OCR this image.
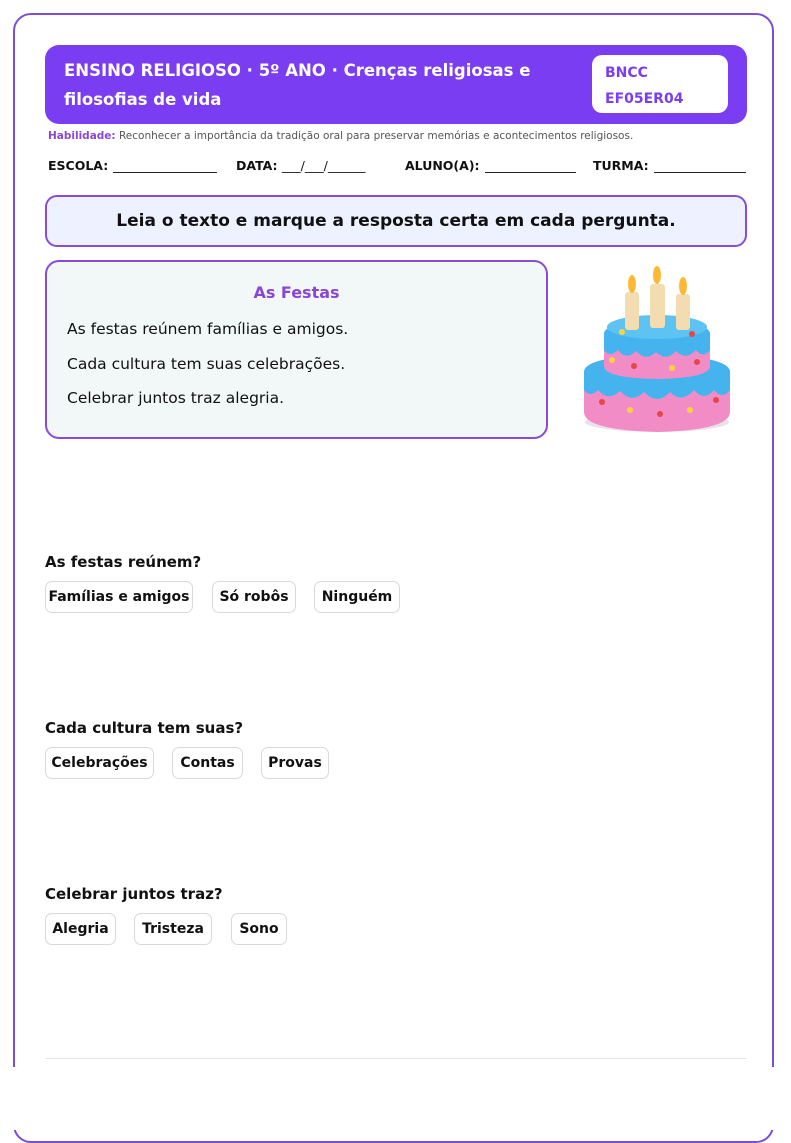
ENSINO RELIGIOSO · 5º ANO · Crenças religiosas e filosofias de vida
BNCC
EF05ER04
Habilidade: Reconhecer a importância da tradição oral para preservar memórias e acontecimentos religiosos.
ESCOLA:	DATA: ___/___/______	ALUNO(A):	TURMA:
Leia o texto e marque a resposta certa em cada pergunta.
As Festas
As festas reúnem famílias e amigos.
Cada cultura tem suas celebrações.
Celebrar juntos traz alegria.
As festas reúnem?
Famílias e amigos	Só robôs	Ninguém
Cada cultura tem suas?
Celebrações	Contas	Provas
Celebrar juntos traz?
Alegria	Tristeza	Sono
